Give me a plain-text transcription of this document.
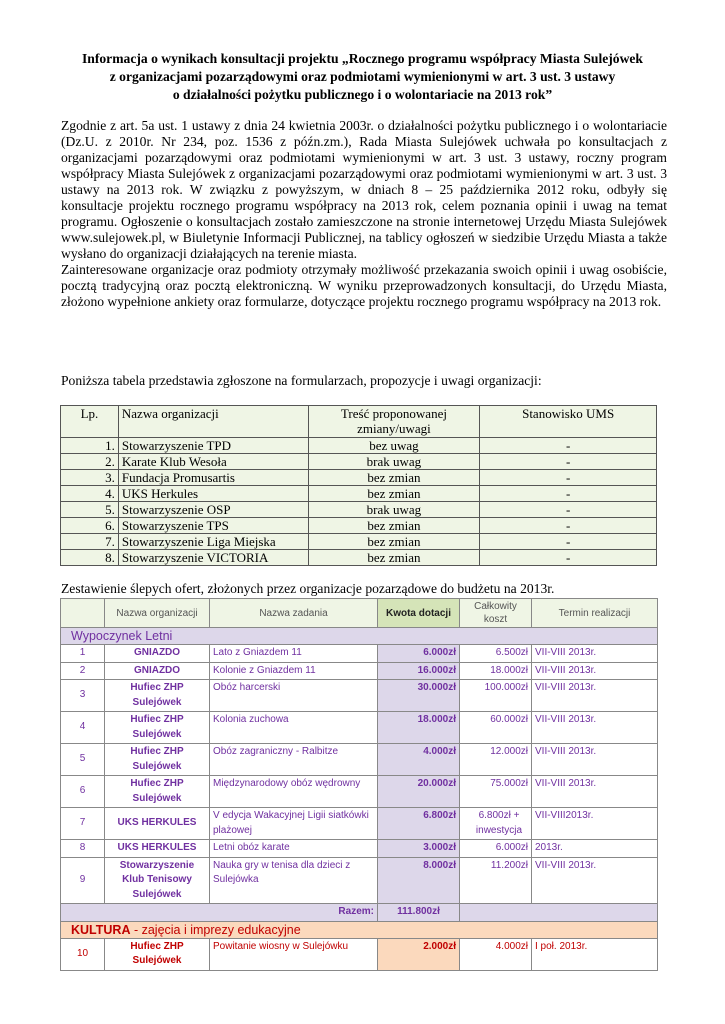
Informacja o wynikach konsultacji projektu „Rocznego programu współpracy Miasta Sulejówek
z organizacjami pozarządowymi oraz podmiotami wymienionymi w art. 3 ust. 3 ustawy
o działalności pożytku publicznego i o wolontariacie na 2013 rok”

Zgodnie z art. 5a ust. 1 ustawy z dnia 24 kwietnia 2003r. o działalności pożytku publicznego i o wolontariacie (Dz.U. z 2010r. Nr 234, poz. 1536 z późn.zm.), Rada Miasta Sulejówek uchwała po konsultacjach z organizacjami pozarządowymi oraz podmiotami wymienionymi w art. 3 ust. 3 ustawy, roczny program współpracy Miasta Sulejówek z organizacjami pozarządowymi oraz podmiotami wymienionymi w art. 3 ust. 3 ustawy na 2013 rok. W związku z powyższym, w dniach 8 – 25 października 2012 roku, odbyły się konsultacje projektu rocznego programu współpracy na 2013 rok, celem poznania opinii i uwag na temat programu. Ogłoszenie o konsultacjach zostało zamieszczone na stronie internetowej Urzędu Miasta Sulejówek www.sulejowek.pl, w Biuletynie Informacji Publicznej, na tablicy ogłoszeń w siedzibie Urzędu Miasta a także wysłano do organizacji działających na terenie miasta.

Zainteresowane organizacje oraz podmioty otrzymały możliwość przekazania swoich opinii i uwag osobiście, pocztą tradycyjną oraz pocztą elektroniczną. W wyniku przeprowadzonych konsultacji, do Urzędu Miasta, złożono wypełnione ankiety oraz formularze, dotyczące projektu rocznego programu współpracy na 2013 rok.

Poniższa tabela przedstawia zgłoszone na formularzach, propozycje i uwagi organizacji:

Lp.	Nazwa organizacji	Treść proponowanej zmiany/uwagi	Stanowisko UMS
1.	Stowarzyszenie TPD	bez uwag	-
2.	Karate Klub Wesoła	brak uwag	-
3.	Fundacja Promusartis	bez zmian	-
4.	UKS Herkules	bez zmian	-
5.	Stowarzyszenie OSP	brak uwag	-
6.	Stowarzyszenie TPS	bez zmian	-
7.	Stowarzyszenie Liga Miejska	bez zmian	-
8.	Stowarzyszenie VICTORIA	bez zmian	-
Zestawienie ślepych ofert, złożonych przez organizacje pozarządowe do budżetu na 2013r.
	Nazwa organizacji	Nazwa zadania	Kwota dotacji	Całkowity koszt	Termin realizacji
Wypoczynek Letni					
1	GNIAZDO	Lato z Gniazdem 11	6.000zł	6.500zł	VII-VIII 2013r.
2	GNIAZDO	Kolonie z Gniazdem 11	16.000zł	18.000zł	VII-VIII 2013r.
3	Hufiec ZHP Sulejówek	Obóz harcerski	30.000zł	100.000zł	VII-VIII 2013r.
4	Hufiec ZHP Sulejówek	Kolonia zuchowa	18.000zł	60.000zł	VII-VIII 2013r.
5	Hufiec ZHP Sulejówek	Obóz zagraniczny - Ralbitze	4.000zł	12.000zł	VII-VIII 2013r.
6	Hufiec ZHP Sulejówek	Międzynarodowy obóz wędrowny	20.000zł	75.000zł	VII-VIII 2013r.
7	UKS HERKULES	V edycja Wakacyjnej Ligii siatkówki plażowej	6.800zł	6.800zł + inwestycja	VII-VIII2013r.
8	UKS HERKULES	Letni obóz karate	3.000zł	6.000zł	2013r.
9	Stowarzyszenie Klub Tenisowy Sulejówek	Nauka gry w tenisa dla dzieci z Sulejówka	8.000zł	11.200zł	VII-VIII 2013r.
Razem:			111.800zł		
KULTURA - zajęcia i imprezy edukacyjne					
10	Hufiec ZHP Sulejówek	Powitanie wiosny w Sulejówku	2.000zł	4.000zł	I poł. 2013r.
